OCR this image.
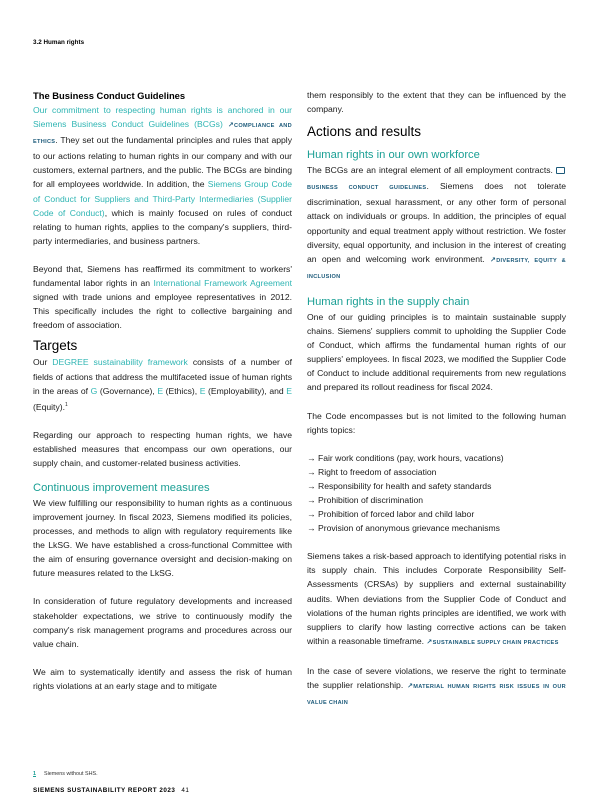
3.2 Human rights
The Business Conduct Guidelines

Our commitment to respecting human rights is anchored in our Siemens Business Conduct Guidelines (BCGs) ↗COMPLIANCE AND ETHICS. They set out the fundamental principles and rules that apply to our actions relating to human rights in our company and with our customers, external partners, and the public. The BCGs are binding for all employees worldwide. In addition, the Siemens Group Code of Conduct for Suppliers and Third-Party Intermediaries (Supplier Code of Conduct), which is mainly focused on rules of conduct relating to human rights, applies to the company's suppliers, third-party intermediaries, and business partners.

Beyond that, Siemens has reaffirmed its commitment to workers' fundamental labor rights in an International Framework Agreement signed with trade unions and employee representatives in 2012. This specifically includes the right to collective bargaining and freedom of association.

Targets

Our DEGREE sustainability framework consists of a number of fields of actions that address the multifaceted issue of human rights in the areas of G (Governance), E (Ethics), E (Employability), and E (Equity).$^1$

Regarding our approach to respecting human rights, we have established measures that encompass our own operations, our supply chain, and customer-related business activities.

Continuous improvement measures

We view fulfilling our responsibility to human rights as a continuous improvement journey. In fiscal 2023, Siemens modified its policies, processes, and methods to align with regulatory requirements like the LkSG. We have established a cross-functional Committee with the aim of ensuring governance oversight and decision-making on future measures related to the LkSG.

In consideration of future regulatory developments and increased stakeholder expectations, we strive to continuously modify the company's risk management programs and procedures across our value chain.

We aim to systematically identify and assess the risk of human rights violations at an early stage and to mitigate

them responsibly to the extent that they can be influenced by the company.

Actions and results
Human rights in our own workforce

The BCGs are an integral element of all employment contracts. BUSINESS CONDUCT GUIDELINES. Siemens does not tolerate discrimination, sexual harassment, or any other form of personal attack on individuals or groups. In addition, the principles of equal opportunity and equal treatment apply without restriction. We foster diversity, equal opportunity, and inclusion in the interest of creating an open and welcoming work environment. ↗DIVERSITY, EQUITY & INCLUSION

Human rights in the supply chain

One of our guiding principles is to maintain sustainable supply chains. Siemens' suppliers commit to upholding the Supplier Code of Conduct, which affirms the fundamental human rights of our suppliers' employees. In fiscal 2023, we modified the Supplier Code of Conduct to include additional requirements from new regulations and prepared its rollout readiness for fiscal 2024.

The Code encompasses but is not limited to the following human rights topics:

→ Fair work conditions (pay, work hours, vacations)
→ Right to freedom of association
→ Responsibility for health and safety standards
→ Prohibition of discrimination
→ Prohibition of forced labor and child labor
→ Provision of anonymous grievance mechanisms

Siemens takes a risk-based approach to identifying potential risks in its supply chain. This includes Corporate Responsibility Self-Assessments (CRSAs) by suppliers and external sustainability audits. When deviations from the Supplier Code of Conduct and violations of the human rights principles are identified, we work with suppliers to clarify how lasting corrective actions can be taken within a reasonable timeframe. ↗SUSTAINABLE SUPPLY CHAIN PRACTICES

In the case of severe violations, we reserve the right to terminate the supplier relationship. ↗MATERIAL HUMAN RIGHTS RISK ISSUES IN OUR VALUE CHAIN

1 Siemens without SHS.
SIEMENS SUSTAINABILITY REPORT 2023 41
